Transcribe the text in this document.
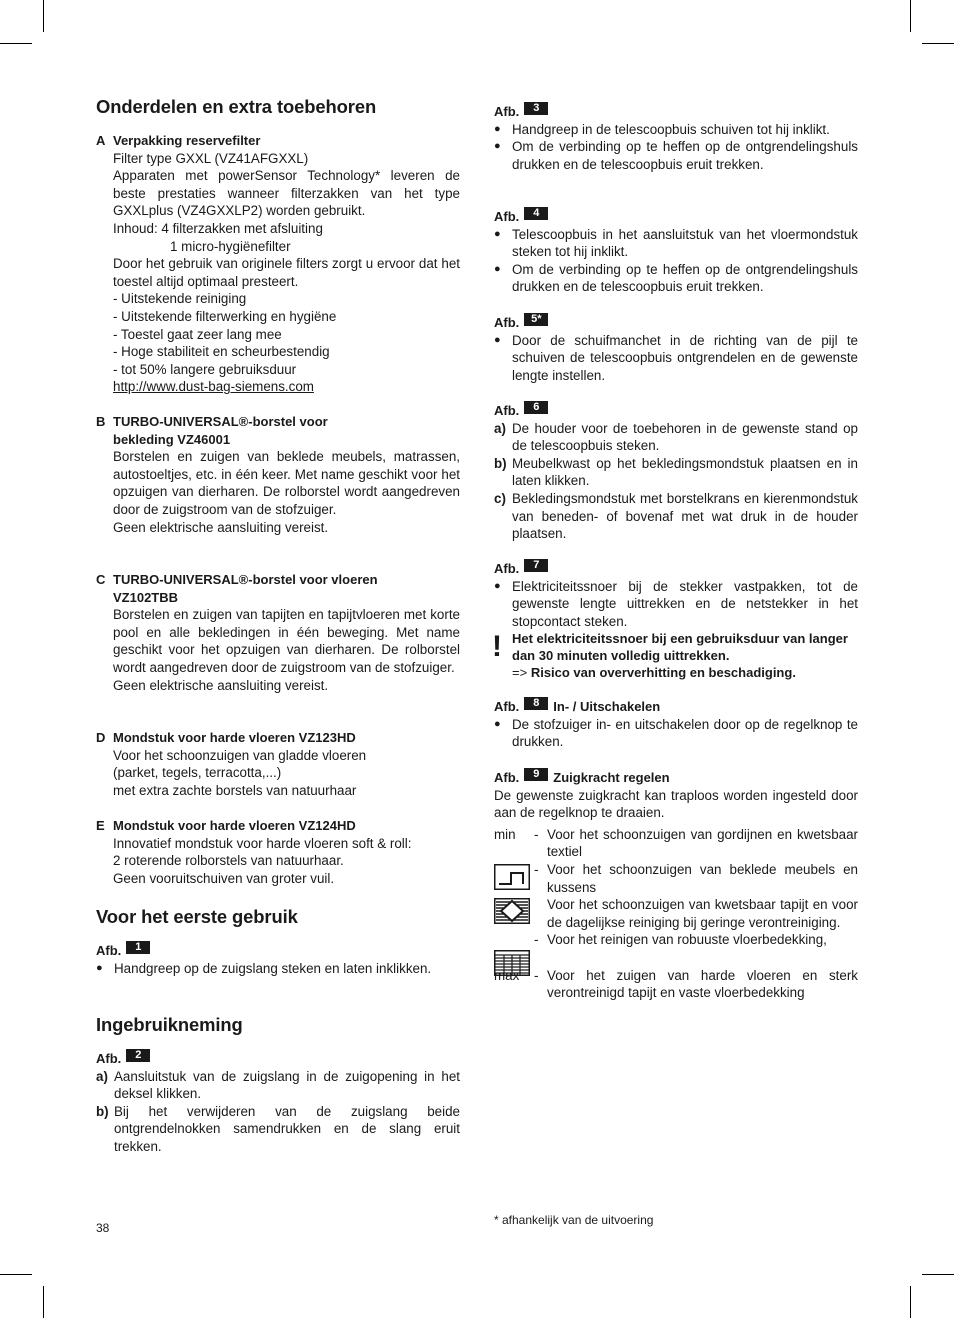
Onderdelen en extra toebehoren
A Verpakking reservefilter
Filter type GXXL (VZ41AFGXXL)
Apparaten met powerSensor Technology* leveren de beste prestaties wanneer filterzakken van het type GXXLplus (VZ4GXXLP2) worden gebruikt.
Inhoud: 4 filterzakken met afsluiting
1 micro-hygiënefilter
Door het gebruik van originele filters zorgt u ervoor dat het toestel altijd optimaal presteert.
- Uitstekende reiniging
- Uitstekende filterwerking en hygiëne
- Toestel gaat zeer lang mee
- Hoge stabiliteit en scheurbestendig
- tot 50% langere gebruiksduur
http://www.dust-bag-siemens.com
B TURBO-UNIVERSAL®-borstel voor bekleding VZ46001
Borstelen en zuigen van beklede meubels, matrassen, autostoeltjes, etc. in één keer. Met name geschikt voor het opzuigen van dierharen. De rolborstel wordt aangedreven door de zuigstroom van de stofzuiger.
Geen elektrische aansluiting vereist.
C TURBO-UNIVERSAL®-borstel voor vloeren VZ102TBB
Borstelen en zuigen van tapijten en tapijtvloeren met korte pool en alle bekledingen in één beweging. Met name geschikt voor het opzuigen van dierharen. De rolborstel wordt aangedreven door de zuigstroom van de stofzuiger.
Geen elektrische aansluiting vereist.
D Mondstuk voor harde vloeren VZ123HD
Voor het schoonzuigen van gladde vloeren
(parket, tegels, terracotta,...)
met extra zachte borstels van natuurhaar
E Mondstuk voor harde vloeren VZ124HD
Innovatief mondstuk voor harde vloeren soft & roll:
2 roterende rolborstels van natuurhaar.
Geen vooruitschuiven van groter vuil.
Voor het eerste gebruik
Afb.	1
● Handgreep op de zuigslang steken en laten inklikken.
Ingebruikneming
Afb.	2
a) Aansluitstuk van de zuigslang in de zuigopening in het deksel klikken.
b) Bij het verwijderen van de zuigslang beide ontgrendelnokken samendrukken en de slang eruit trekken.
38
Afb.	3
● Handgreep in de telescoopbuis schuiven tot hij inklikt.
● Om de verbinding op te heffen op de ontgrendelingshuls drukken en de telescoopbuis eruit trekken.
Afb.	4
● Telescoopbuis in het aansluitstuk van het vloermondstuk steken tot hij inklikt.
● Om de verbinding op te heffen op de ontgrendelingshuls drukken en de telescoopbuis eruit trekken.
Afb.	5*
● Door de schuifmanchet in de richting van de pijl te schuiven de telescoopbuis ontgrendelen en de gewenste lengte instellen.
Afb.	6
a) De houder voor de toebehoren in de gewenste stand op de telescoopbuis steken.
b) Meubelkwast op het bekledingsmondstuk plaatsen en in laten klikken.
c) Bekledingsmondstuk met borstelkrans en kierenmondstuk van beneden- of bovenaf met wat druk in de houder plaatsen.
Afb.	7
● Elektriciteitssnoer bij de stekker vastpakken, tot de gewenste lengte uittrekken en de netstekker in het stopcontact steken.
! Het elektriciteitssnoer bij een gebruiksduur van langer dan 30 minuten volledig uittrekken.
=> Risico van oververhitting en beschadiging.
Afb.	8	In- / Uitschakelen
● De stofzuiger in- en uitschakelen door op de regelknop te drukken.
Afb.	9	Zuigkracht regelen
De gewenste zuigkracht kan traploos worden ingesteld door aan de regelknop te draaien.
min	- Voor het schoonzuigen van gordijnen en kwetsbaar textiel
- Voor het schoonzuigen van beklede meubels en kussens
Voor het schoonzuigen van kwetsbaar tapijt en voor de dagelijkse reiniging bij geringe verontreiniging.
- Voor het reinigen van robuuste vloerbedekking,
max	- Voor het zuigen van harde vloeren en sterk verontreinigd tapijt en vaste vloerbedekking
* afhankelijk van de uitvoering
